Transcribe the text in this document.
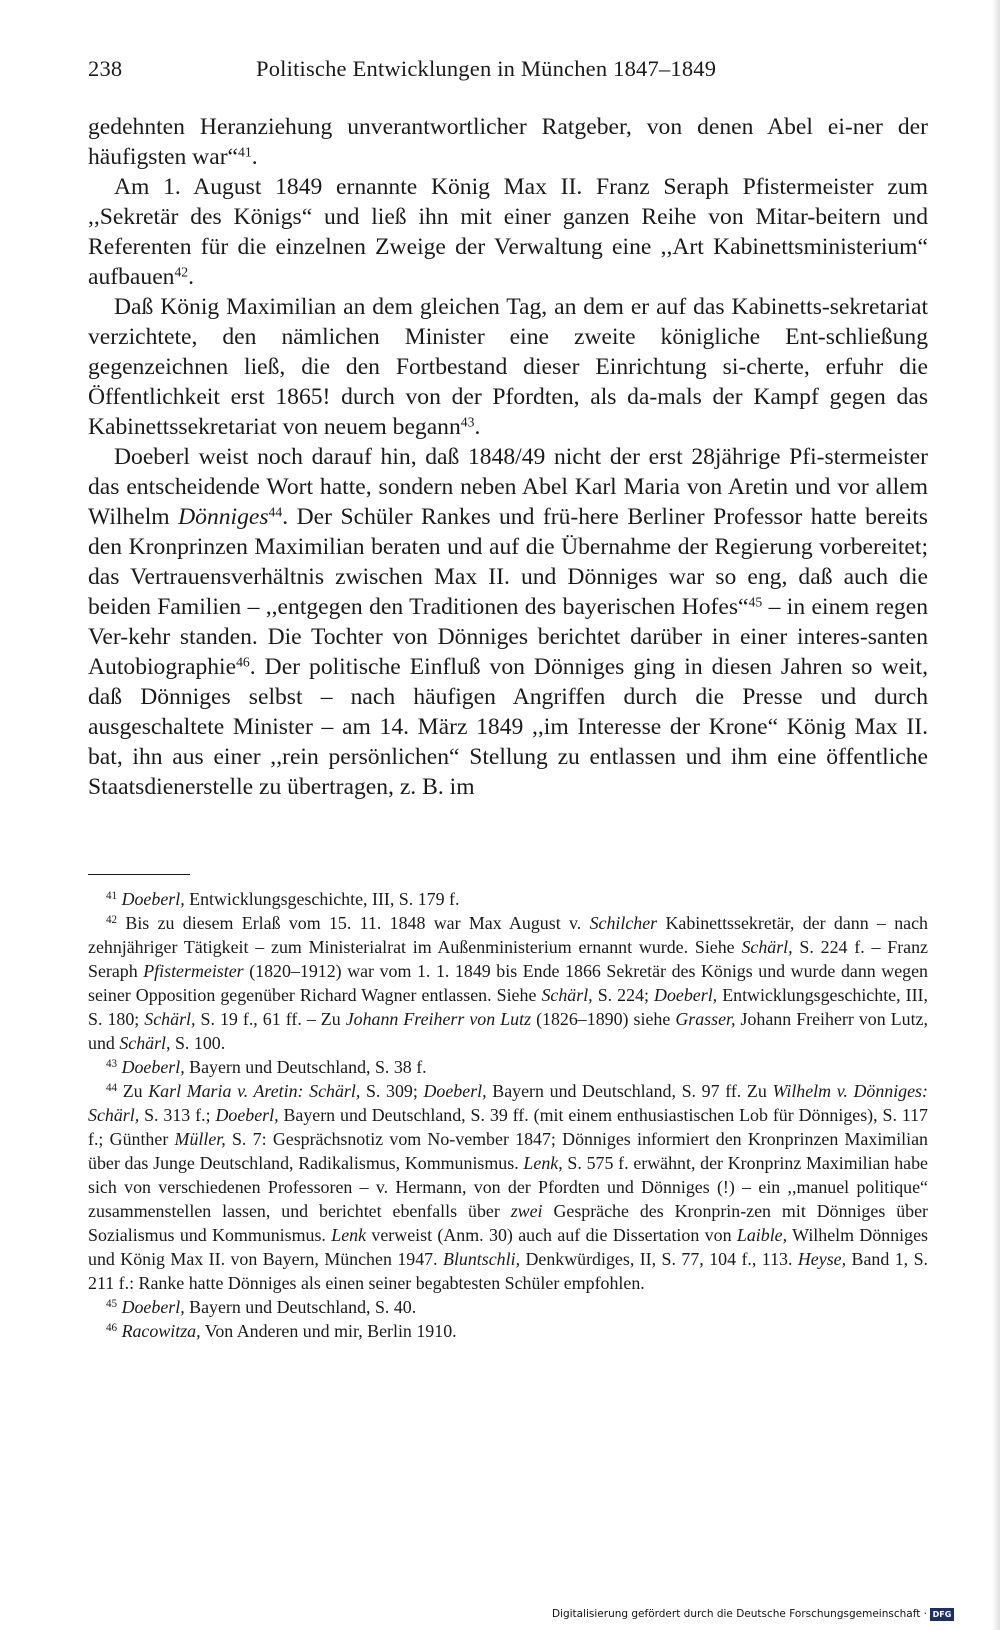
238	Politische Entwicklungen in München 1847–1849

gedehnten Heranziehung unverantwortlicher Ratgeber, von denen Abel ei-ner der häufigsten war“$^{41}$.

Am 1. August 1849 ernannte König Max II. Franz Seraph Pfistermeister zum ,,Sekretär des Königs“ und ließ ihn mit einer ganzen Reihe von Mitar-beitern und Referenten für die einzelnen Zweige der Verwaltung eine ,,Art Kabinettsministerium“ aufbauen$^{42}$.

Daß König Maximilian an dem gleichen Tag, an dem er auf das Kabinetts-sekretariat verzichtete, den nämlichen Minister eine zweite königliche Ent-schließung gegenzeichnen ließ, die den Fortbestand dieser Einrichtung si-cherte, erfuhr die Öffentlichkeit erst 1865! durch von der Pfordten, als da-mals der Kampf gegen das Kabinettssekretariat von neuem begann$^{43}$.

Doeberl weist noch darauf hin, daß 1848/49 nicht der erst 28jährige Pfi-stermeister das entscheidende Wort hatte, sondern neben Abel Karl Maria von Aretin und vor allem Wilhelm Dönniges$^{44}$. Der Schüler Rankes und frü-here Berliner Professor hatte bereits den Kronprinzen Maximilian beraten und auf die Übernahme der Regierung vorbereitet; das Vertrauensverhältnis zwischen Max II. und Dönniges war so eng, daß auch die beiden Familien – ,,entgegen den Traditionen des bayerischen Hofes“$^{45}$ – in einem regen Ver-kehr standen. Die Tochter von Dönniges berichtet darüber in einer interes-santen Autobiographie$^{46}$. Der politische Einfluß von Dönniges ging in diesen Jahren so weit, daß Dönniges selbst – nach häufigen Angriffen durch die Presse und durch ausgeschaltete Minister – am 14. März 1849 ,,im Interesse der Krone“ König Max II. bat, ihn aus einer ,,rein persönlichen“ Stellung zu entlassen und ihm eine öffentliche Staatsdienerstelle zu übertragen, z. B. im

$^{41}$ Doeberl, Entwicklungsgeschichte, III, S. 179 f.

$^{42}$ Bis zu diesem Erlaß vom 15. 11. 1848 war Max August v. Schilcher Kabinettssekretär, der dann – nach zehnjähriger Tätigkeit – zum Ministerialrat im Außenministerium ernannt wurde. Siehe Schärl, S. 224 f. – Franz Seraph Pfistermeister (1820–1912) war vom 1. 1. 1849 bis Ende 1866 Sekretär des Königs und wurde dann wegen seiner Opposition gegenüber Richard Wagner entlassen. Siehe Schärl, S. 224; Doeberl, Entwicklungsgeschichte, III, S. 180; Schärl, S. 19 f., 61 ff. – Zu Johann Freiherr von Lutz (1826–1890) siehe Grasser, Johann Freiherr von Lutz, und Schärl, S. 100.

$^{43}$ Doeberl, Bayern und Deutschland, S. 38 f.

$^{44}$ Zu Karl Maria v. Aretin: Schärl, S. 309; Doeberl, Bayern und Deutschland, S. 97 ff. Zu Wilhelm v. Dönniges: Schärl, S. 313 f.; Doeberl, Bayern und Deutschland, S. 39 ff. (mit einem enthusiastischen Lob für Dönniges), S. 117 f.; Günther Müller, S. 7: Gesprächsnotiz vom No-vember 1847; Dönniges informiert den Kronprinzen Maximilian über das Junge Deutschland, Radikalismus, Kommunismus. Lenk, S. 575 f. erwähnt, der Kronprinz Maximilian habe sich von verschiedenen Professoren – v. Hermann, von der Pfordten und Dönniges (!) – ein ,,manuel politique“ zusammenstellen lassen, und berichtet ebenfalls über zwei Gespräche des Kronprin-zen mit Dönniges über Sozialismus und Kommunismus. Lenk verweist (Anm. 30) auch auf die Dissertation von Laible, Wilhelm Dönniges und König Max II. von Bayern, München 1947. Bluntschli, Denkwürdiges, II, S. 77, 104 f., 113. Heyse, Band 1, S. 211 f.: Ranke hatte Dönniges als einen seiner begabtesten Schüler empfohlen.

$^{45}$ Doeberl, Bayern und Deutschland, S. 40.

$^{46}$ Racowitza, Von Anderen und mir, Berlin 1910.

Digitalisierung gefördert durch die Deutsche Forschungsgemeinschaft · DFG
